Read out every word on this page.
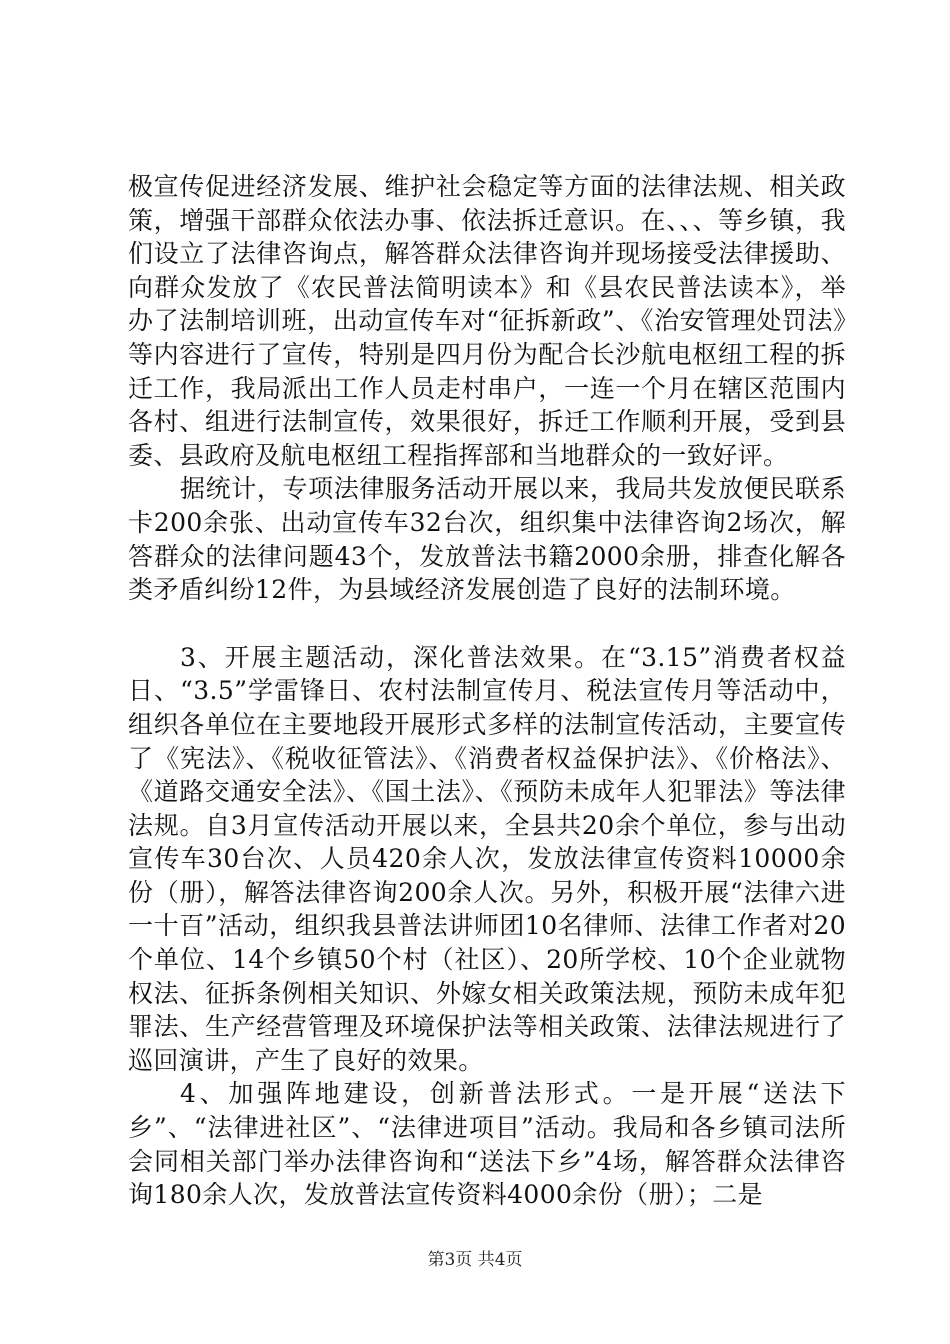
极宣传促进经济发展、维护社会稳定等方面的法律法规、相关政策，增强干部群众依法办事、依法拆迁意识。在、、、等乡镇，我们设立了法律咨询点，解答群众法律咨询并现场接受法律援助、向群众发放了《农民普法简明读本》和《县农民普法读本》，举办了法制培训班，出动宣传车对“征拆新政”、《治安管理处罚法》等内容进行了宣传，特别是四月份为配合长沙航电枢纽工程的拆迁工作，我局派出工作人员走村串户，一连一个月在辖区范围内各村、组进行法制宣传，效果很好，拆迁工作顺利开展，受到县委、县政府及航电枢纽工程指挥部和当地群众的一致好评。

据统计，专项法律服务活动开展以来，我局共发放便民联系卡200余张、出动宣传车32台次，组织集中法律咨询2场次，解答群众的法律问题43个，发放普法书籍2000余册，排查化解各类矛盾纠纷12件，为县域经济发展创造了良好的法制环境。

3、开展主题活动，深化普法效果。在“3.15”消费者权益日、“3.5”学雷锋日、农村法制宣传月、税法宣传月等活动中，组织各单位在主要地段开展形式多样的法制宣传活动，主要宣传了《宪法》、《税收征管法》、《消费者权益保护法》、《价格法》、《道路交通安全法》、《国土法》、《预防未成年人犯罪法》等法律法规。自3月宣传活动开展以来，全县共20余个单位，参与出动宣传车30台次、人员420余人次，发放法律宣传资料10000余份（册），解答法律咨询200余人次。另外，积极开展“法律六进一十百”活动，组织我县普法讲师团10名律师、法律工作者对20个单位、14个乡镇50个村（社区）、20所学校、10个企业就物权法、征拆条例相关知识、外嫁女相关政策法规，预防未成年犯罪法、生产经营管理及环境保护法等相关政策、法律法规进行了巡回演讲，产生了良好的效果。

4、加强阵地建设，创新普法形式。一是开展“送法下乡”、“法律进社区”、“法律进项目”活动。我局和各乡镇司法所会同相关部门举办法律咨询和“送法下乡”4场，解答群众法律咨询180余人次，发放普法宣传资料4000余份（册）；二是

第3页 共4页
